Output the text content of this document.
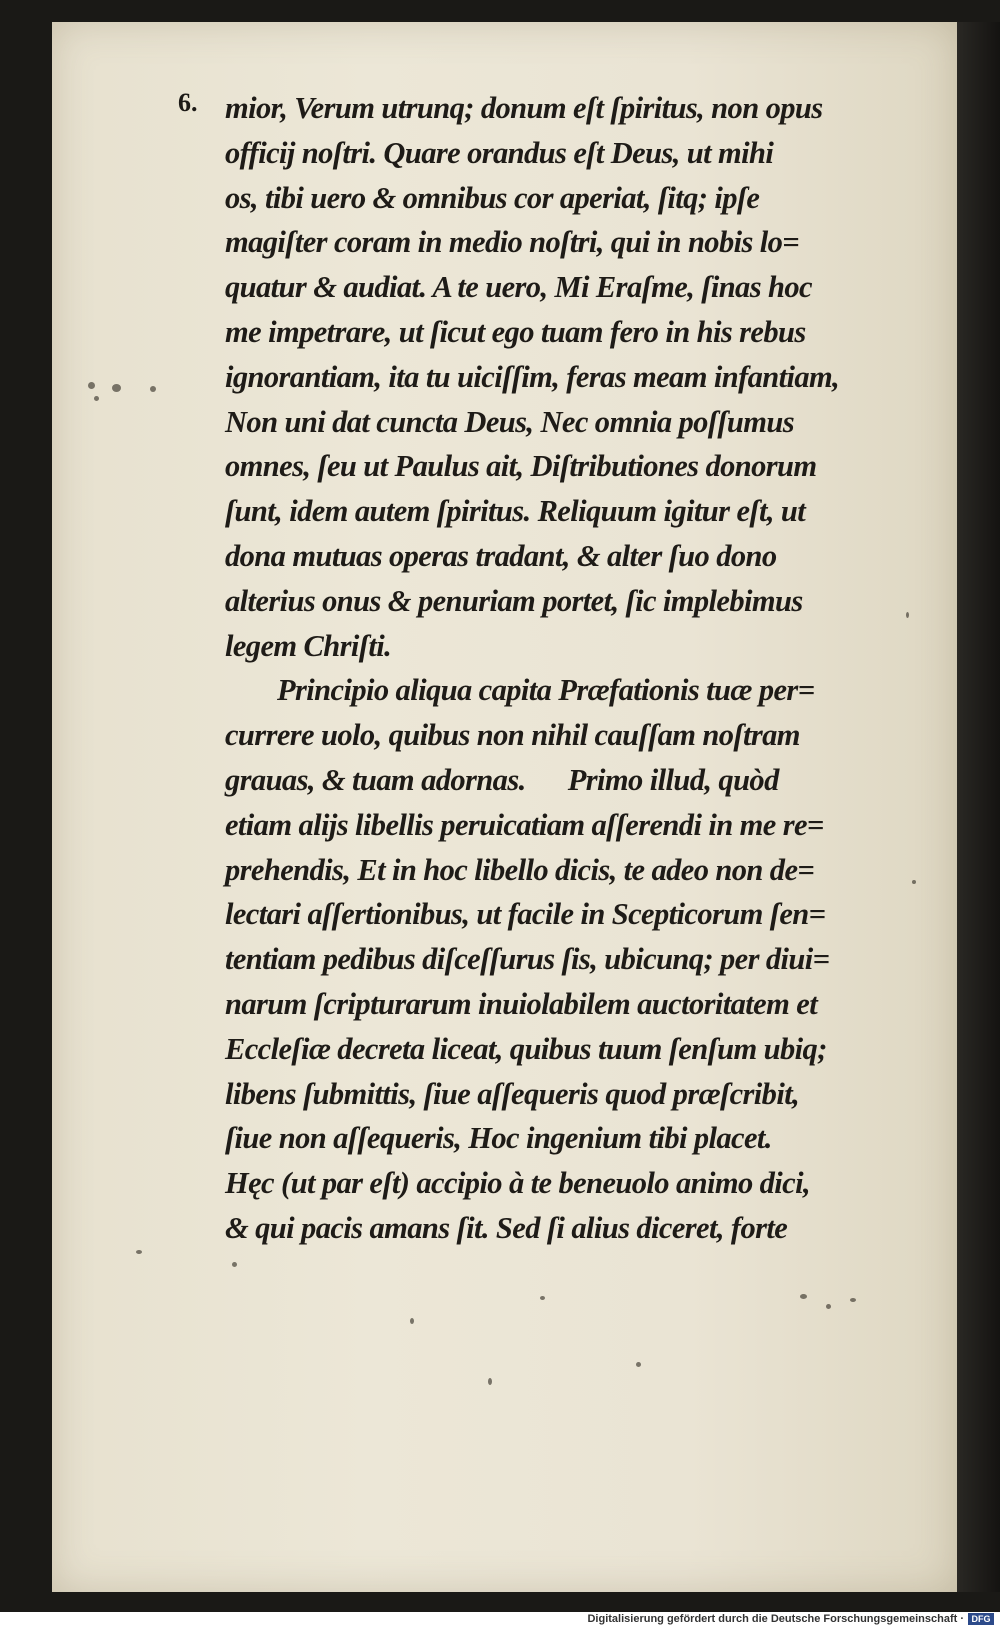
6. mior, Verum utrunq; donum eſt ſpiritus, non opus
officij noſtri. Quare orandus eſt Deus, ut mihi
os, tibi uero & omnibus cor aperiat, ſitq; ipſe
magiſter coram in medio noſtri, qui in nobis lo=
quatur & audiat. A te uero, Mi Eraſme, ſinas hoc
me impetrare, ut ſicut ego tuam fero in his rebus
ignorantiam, ita tu uiciſſim, feras meam infantiam,
Non uni dat cuncta Deus, Nec omnia poſſumus
omnes, ſeu ut Paulus ait, Diſtributiones donorum
ſunt, idem autem ſpiritus. Reliquum igitur eſt, ut
dona mutuas operas tradant, & alter ſuo dono
alterius onus & penuriam portet, ſic implebimus
legem Chriſti.
Principio aliqua capita Præfationis tuæ per=
currere uolo, quibus non nihil cauſſam noſtram
grauas, & tuam adornas.      Primo illud, quòd
etiam alijs libellis peruicatiam aſſerendi in me re=
prehendis, Et in hoc libello dicis, te adeo non de=
lectari aſſertionibus, ut facile in Scepticorum ſen=
tentiam pedibus diſceſſurus ſis, ubicunq; per diui=
narum ſcripturarum inuiolabilem auctoritatem et
Eccleſiæ decreta liceat, quibus tuum ſenſum ubiq;
libens ſubmittis, ſiue aſſequeris quod præſcribit,
ſiue non aſſequeris, Hoc ingenium tibi placet.
Hęc (ut par eſt) accipio à te beneuolo animo dici,
& qui pacis amans ſit. Sed ſi alius diceret, forte
Digitalisierung gefördert durch die Deutsche Forschungsgemeinschaft · DFG
